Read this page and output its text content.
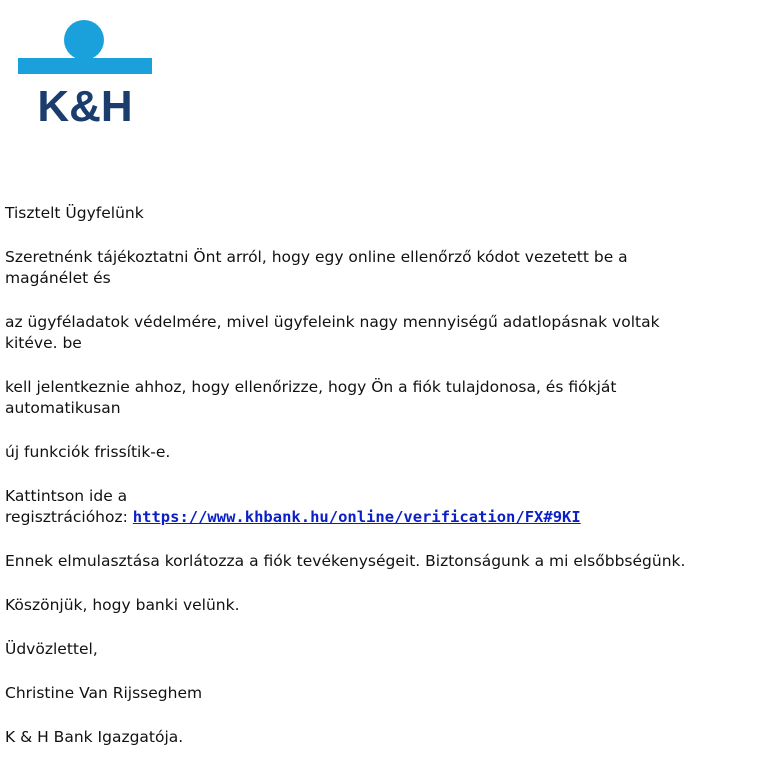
K&H

Tisztelt Ügyfelünk

Szeretnénk tájékoztatni Önt arról, hogy egy online ellenőrző kódot vezetett be a
magánélet és

az ügyféladatok védelmére, mivel ügyfeleink nagy mennyiségű adatlopásnak voltak
kitéve. be

kell jelentkeznie ahhoz, hogy ellenőrizze, hogy Ön a fiók tulajdonosa, és fiókját
automatikusan

új funkciók frissítik-e.

Kattintson ide a
regisztrációhoz: https://www.khbank.hu/online/verification/FX#9KI

Ennek elmulasztása korlátozza a fiók tevékenységeit. Biztonságunk a mi elsőbbségünk.

Köszönjük, hogy banki velünk.

Üdvözlettel,

Christine Van Rijsseghem

K & H Bank Igazgatója.
